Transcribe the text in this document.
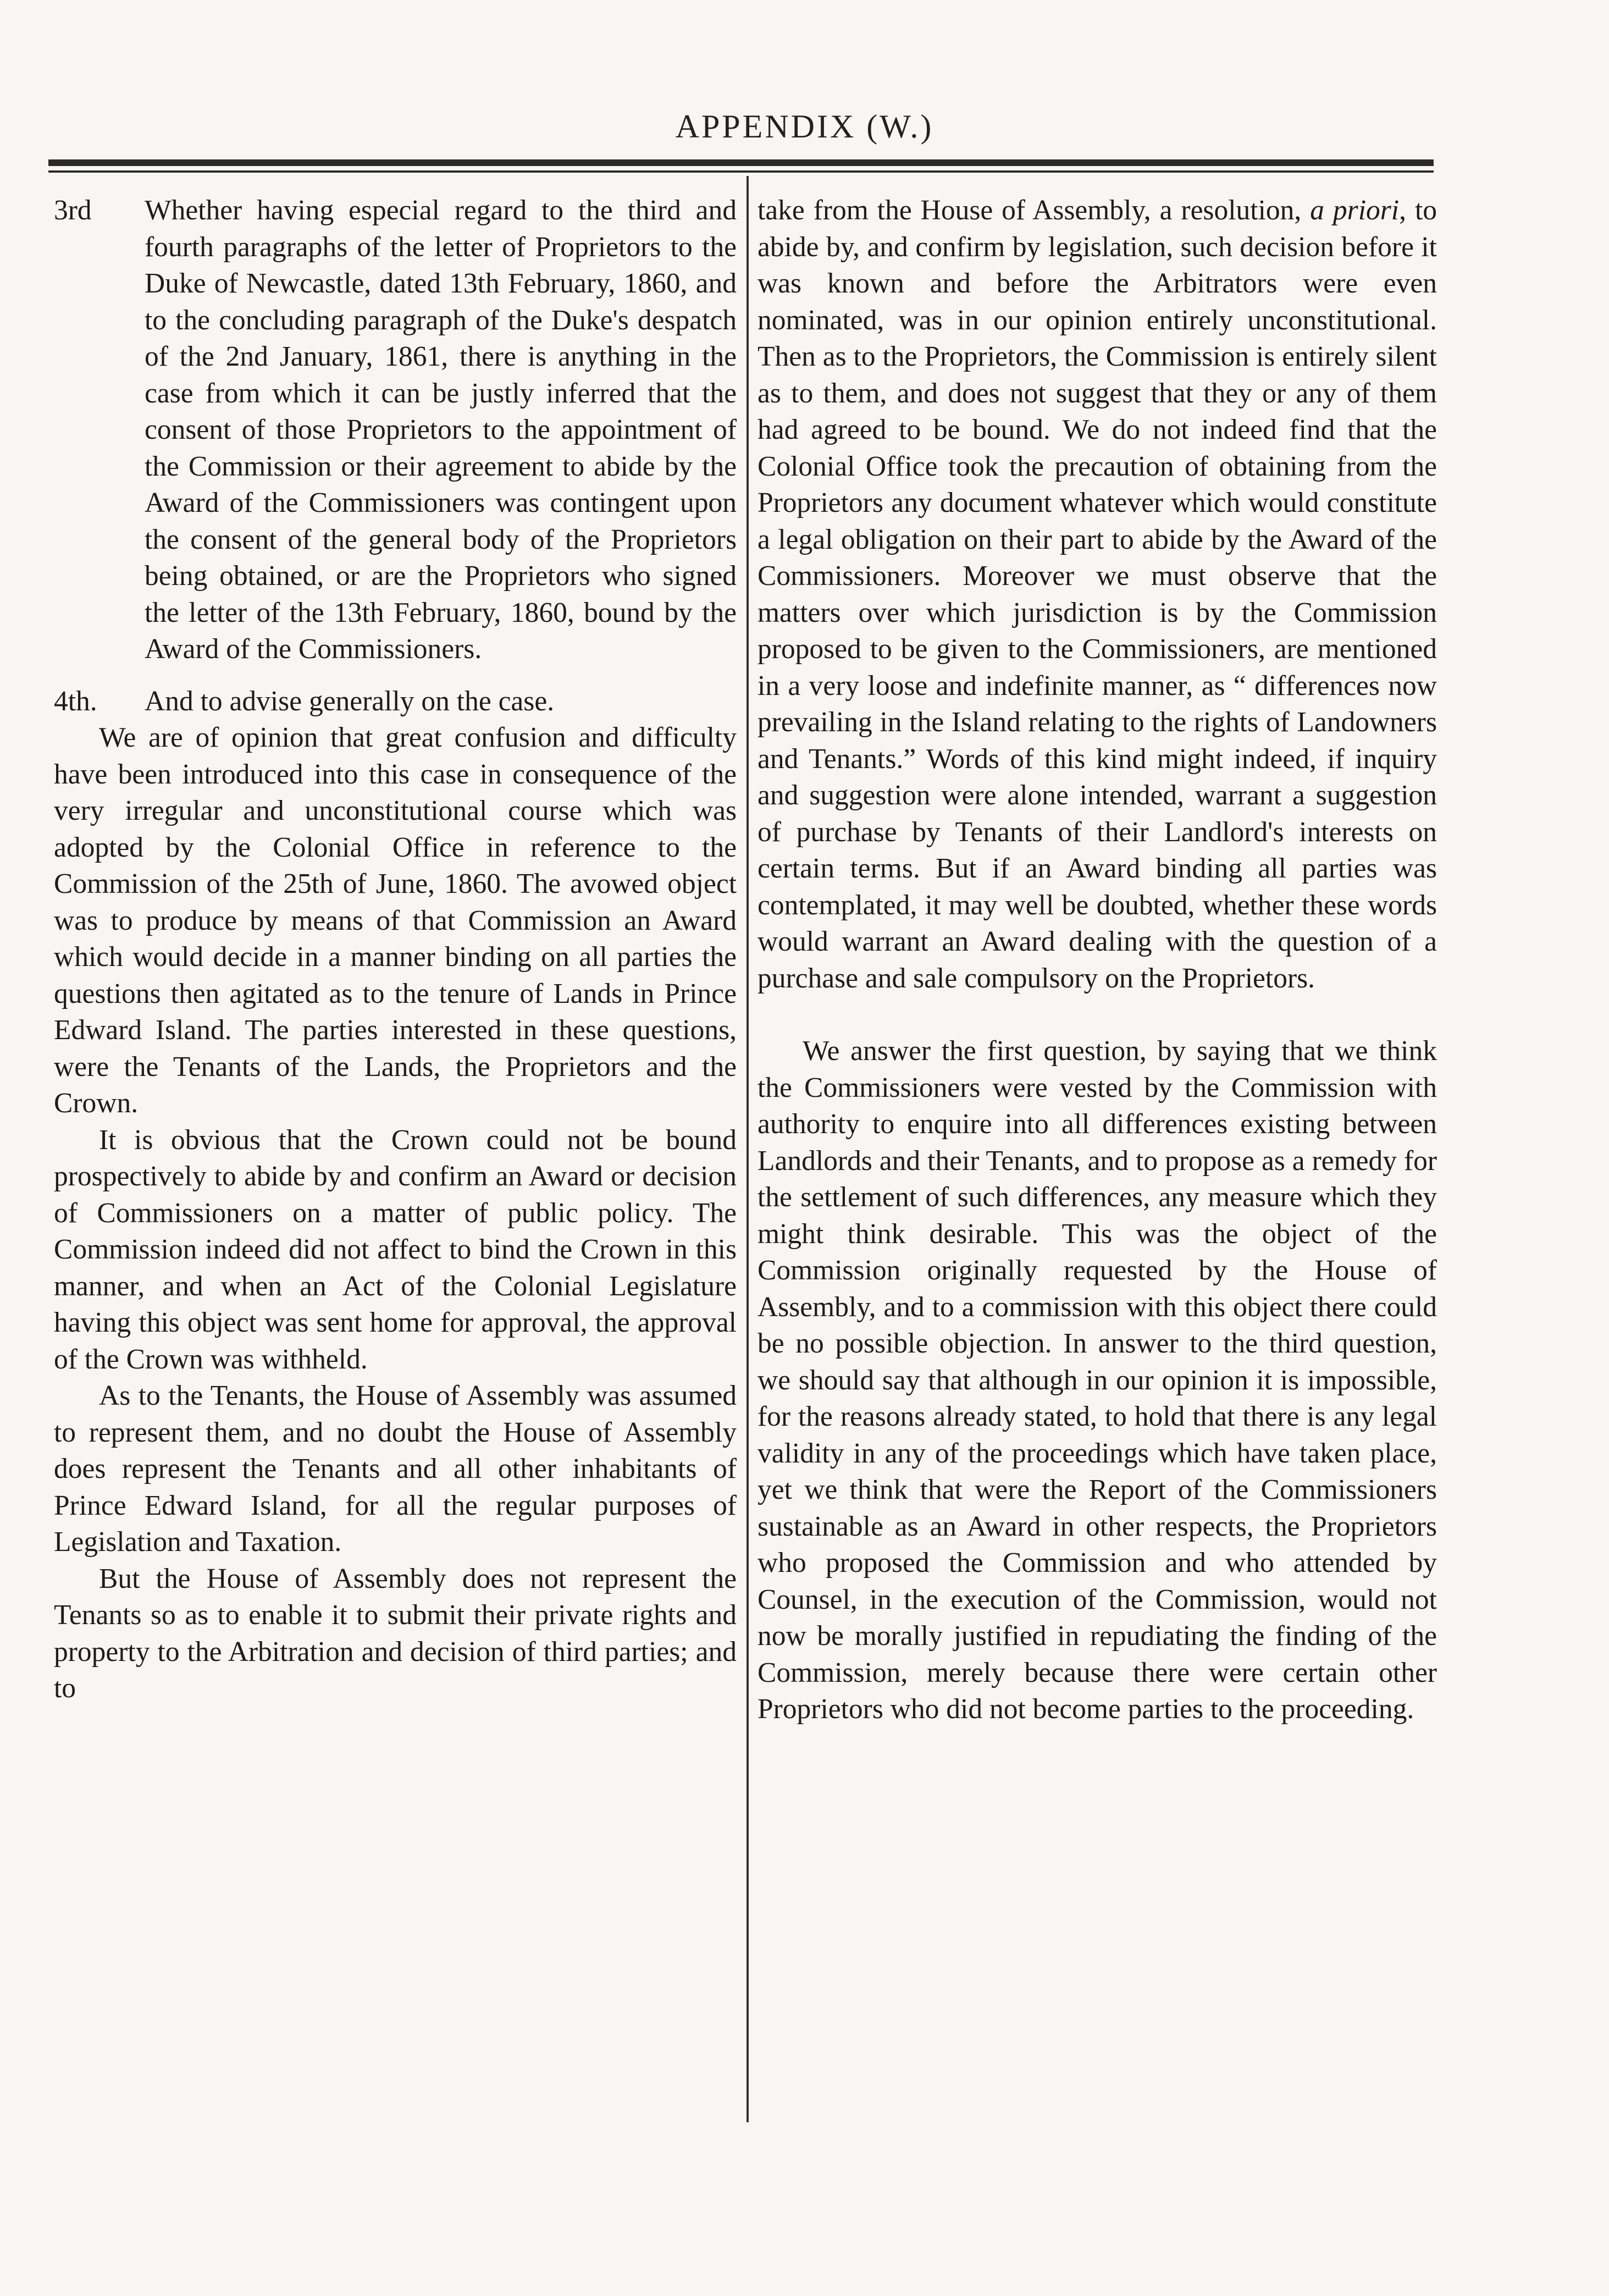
APPENDIX (W.)
3rd	Whether having especial regard to the third and fourth paragraphs of the letter of Proprietors to the Duke of Newcastle, dated 13th February, 1860, and to the concluding paragraph of the Duke's despatch of the 2nd January, 1861, there is anything in the case from which it can be justly inferred that the consent of those Proprietors to the appointment of the Commission or their agreement to abide by the Award of the Commissioners was contingent upon the consent of the general body of the Proprietors being obtained, or are the Proprietors who signed the letter of the 13th February, 1860, bound by the Award of the Commissioners.

4th.	And to advise generally on the case.

We are of opinion that great confusion and difficulty have been introduced into this case in consequence of the very irregular and unconstitutional course which was adopted by the Colonial Office in reference to the Commission of the 25th of June, 1860. The avowed object was to produce by means of that Commission an Award which would decide in a manner binding on all parties the questions then agitated as to the tenure of Lands in Prince Edward Island. The parties interested in these questions, were the Tenants of the Lands, the Proprietors and the Crown.

It is obvious that the Crown could not be bound prospectively to abide by and confirm an Award or decision of Commissioners on a matter of public policy. The Commission indeed did not affect to bind the Crown in this manner, and when an Act of the Colonial Legislature having this object was sent home for approval, the approval of the Crown was withheld.

As to the Tenants, the House of Assembly was assumed to represent them, and no doubt the House of Assembly does represent the Tenants and all other inhabitants of Prince Edward Island, for all the regular purposes of Legislation and Taxation.

But the House of Assembly does not represent the Tenants so as to enable it to submit their private rights and property to the Arbitration and decision of third parties; and to

take from the House of Assembly, a resolution, a priori, to abide by, and confirm by legislation, such decision before it was known and before the Arbitrators were even nominated, was in our opinion entirely unconstitutional. Then as to the Proprietors, the Commission is entirely silent as to them, and does not suggest that they or any of them had agreed to be bound. We do not indeed find that the Colonial Office took the precaution of obtaining from the Proprietors any document whatever which would constitute a legal obligation on their part to abide by the Award of the Commissioners. Moreover we must observe that the matters over which jurisdiction is by the Commission proposed to be given to the Commissioners, are mentioned in a very loose and indefinite manner, as “ differences now prevailing in the Island relating to the rights of Landowners and Tenants.” Words of this kind might indeed, if inquiry and suggestion were alone intended, warrant a suggestion of purchase by Tenants of their Landlord's interests on certain terms. But if an Award binding all parties was contemplated, it may well be doubted, whether these words would warrant an Award dealing with the question of a purchase and sale compulsory on the Proprietors.

We answer the first question, by saying that we think the Commissioners were vested by the Commission with authority to enquire into all differences existing between Landlords and their Tenants, and to propose as a remedy for the settlement of such differences, any measure which they might think desirable. This was the object of the Commission originally requested by the House of Assembly, and to a commission with this object there could be no possible objection. In answer to the third question, we should say that although in our opinion it is impossible, for the reasons already stated, to hold that there is any legal validity in any of the proceedings which have taken place, yet we think that were the Report of the Commissioners sustainable as an Award in other respects, the Proprietors who proposed the Commission and who attended by Counsel, in the execution of the Commission, would not now be morally justified in repudiating the finding of the Commission, merely because there were certain other Proprietors who did not become parties to the proceeding.
